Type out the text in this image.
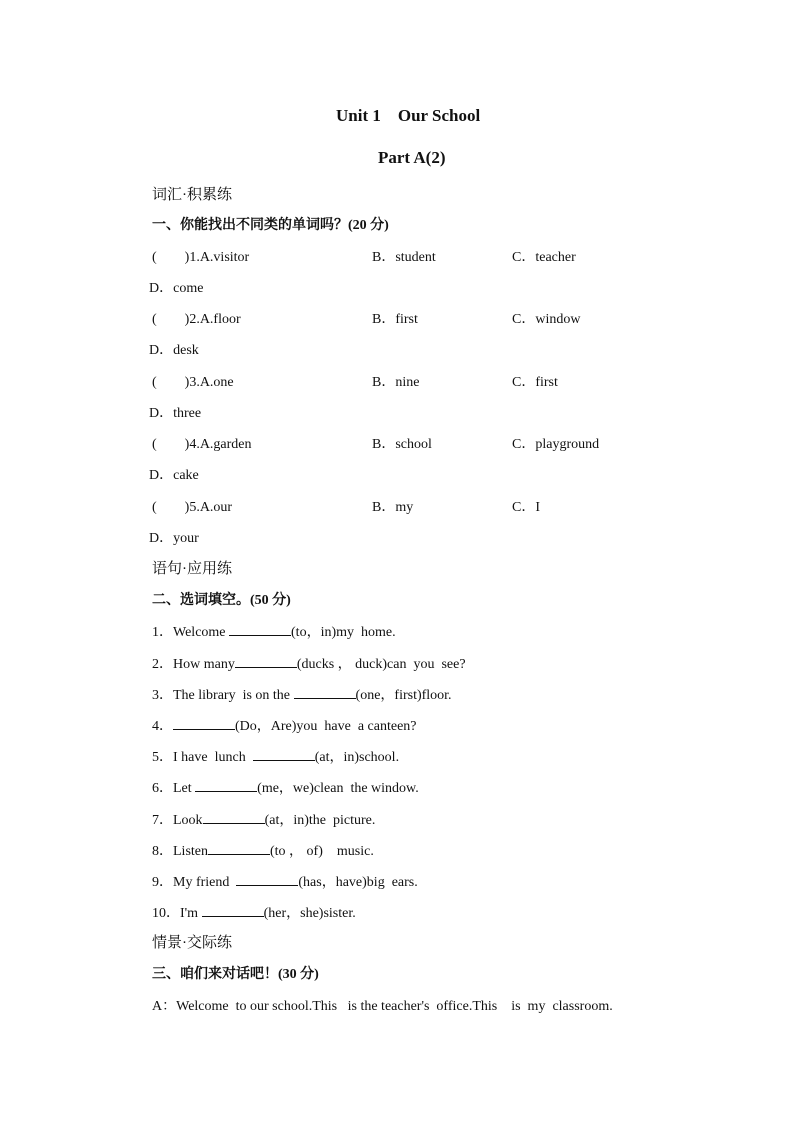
Unit 1　Our School
Part A(2)
词汇·积累练
一、你能找出不同类的单词吗？(20 分)
(　　)1.A.visitor	B．student	C．teacher
D．come
(　　)2.A.floor	B．first	C．window
D．desk
(　　)3.A.one	B．nine	C．first
D．three
(　　)4.A.garden	B．school	C．playground
D．cake
(　　)5.A.our	B．my	C．I
D．your
语句·应用练
二、选词填空。(50 分)
1．Welcome	(to，in)my  home.
2．How many	(ducks ， duck)can  you  see?
3．The library  is on the	(one，first)floor.
4．	(Do，Are)you  have  a canteen?
5．I have  lunch	(at，in)school.
6．Let	(me，we)clean  the window.
7．Look	(at，in)the  picture.
8．Listen	(to ， of)    music.
9．My friend	(has，have)big  ears.
10．I'm	(her，she)sister.
情景·交际练
三、咱们来对话吧！(30 分)
A：Welcome  to our school.This   is the teacher's  office.This    is  my  classroom.
